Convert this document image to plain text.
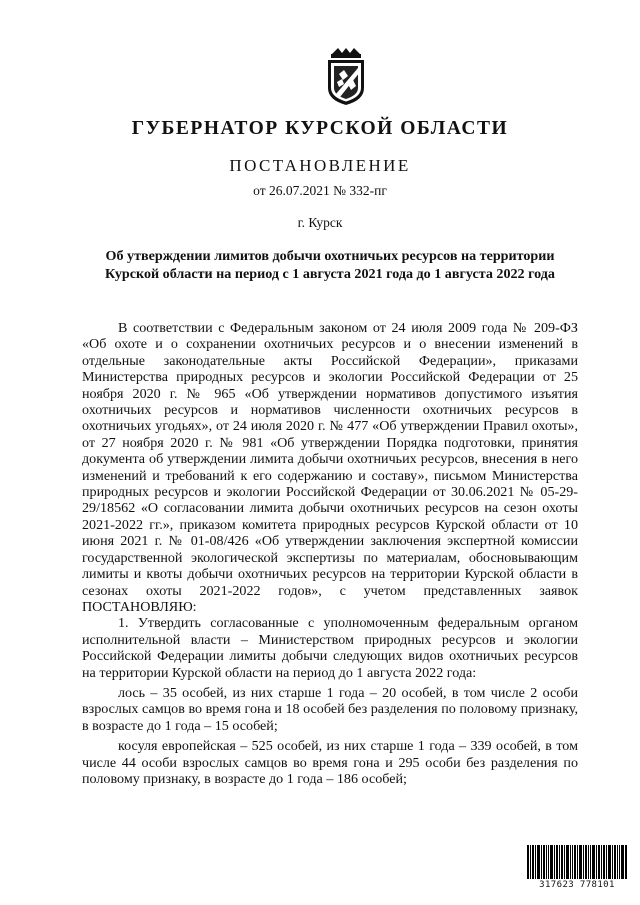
ГУБЕРНАТОР КУРСКОЙ ОБЛАСТИ
ПОСТАНОВЛЕНИЕ
от 26.07.2021 № 332-пг
г. Курск
Об утверждении лимитов добычи охотничьих ресурсов на территории Курской области на период с 1 августа 2021 года до 1 августа 2022 года

В соответствии с Федеральным законом от 24 июля 2009 года № 209-ФЗ «Об охоте и о сохранении охотничьих ресурсов и о внесении изменений в отдельные законодательные акты Российской Федерации», приказами Министерства природных ресурсов и экологии Российской Федерации от 25 ноября 2020 г. № 965 «Об утверждении нормативов допустимого изъятия охотничьих ресурсов и нормативов численности охотничьих ресурсов в охотничьих угодьях», от 24 июля 2020 г. № 477 «Об утверждении Правил охоты», от 27 ноября 2020 г. № 981 «Об утверждении Порядка подготовки, принятия документа об утверждении лимита добычи охотничьих ресурсов, внесения в него изменений и требований к его содержанию и составу», письмом Министерства природных ресурсов и экологии Российской Федерации от 30.06.2021 № 05-29-29/18562 «О согласовании лимита добычи охотничьих ресурсов на сезон охоты 2021-2022 гг.», приказом комитета природных ресурсов Курской области от 10 июня 2021 г. № 01-08/426 «Об утверждении заключения экспертной комиссии государственной экологической экспертизы по материалам, обосновывающим лимиты и квоты добычи охотничьих ресурсов на территории Курской области в сезонах охоты 2021-2022 годов», с учетом представленных заявок ПОСТАНОВЛЯЮ:

1. Утвердить согласованные с уполномоченным федеральным органом исполнительной власти – Министерством природных ресурсов и экологии Российской Федерации лимиты добычи следующих видов охотничьих ресурсов на территории Курской области на период до 1 августа 2022 года:

лось – 35 особей, из них старше 1 года – 20 особей, в том числе 2 особи взрослых самцов во время гона и 18 особей без разделения по половому признаку, в возрасте до 1 года – 15 особей;

косуля европейская – 525 особей, из них старше 1 года – 339 особей, в том числе 44 особи взрослых самцов во время гона и 295 особи без разделения по половому признаку, в возрасте до 1 года – 186 особей;

317623 778101
